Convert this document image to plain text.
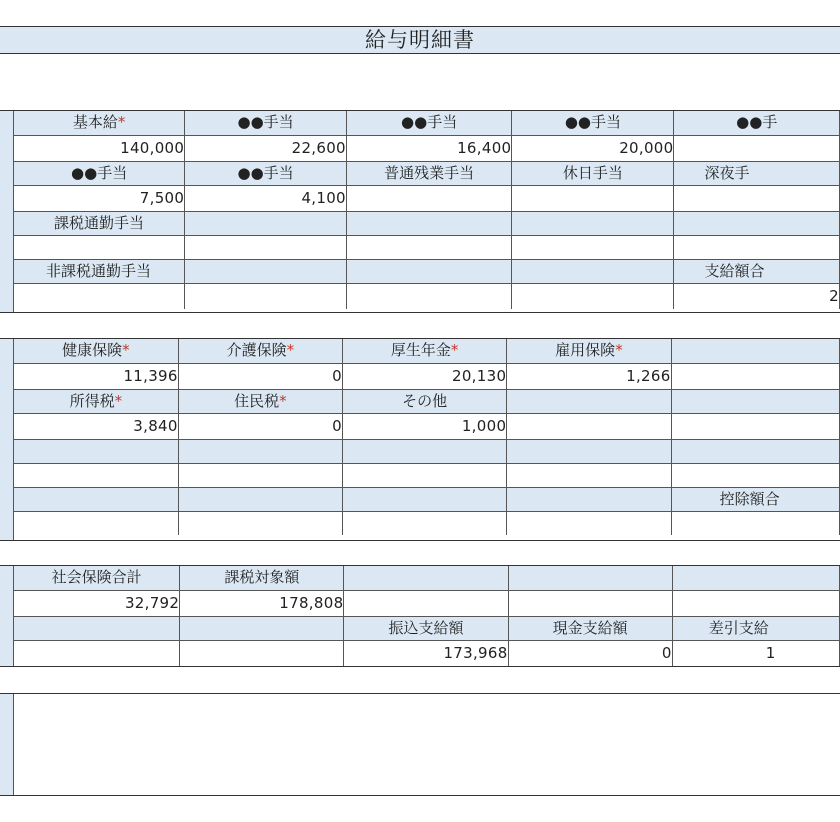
給与明細書
基本給*	●●手当	●●手当	●●手当	●●手
140,000	22,600	16,400	20,000	
●●手当	●●手当	普通残業手当	休日手当	深夜手
7,500	4,100			
課税通勤手当				

非課税通勤手当				支給額合
				2
健康保険*	介護保険*	厚生年金*	雇用保険*	
11,396	0	20,130	1,266	
所得税*	住民税*	その他		
3,840	0	1,000		

				控除額合

社会保険合計	課税対象額			
32,792	178,808			
		振込支給額	現金支給額	差引支給
		173,968	0	1
